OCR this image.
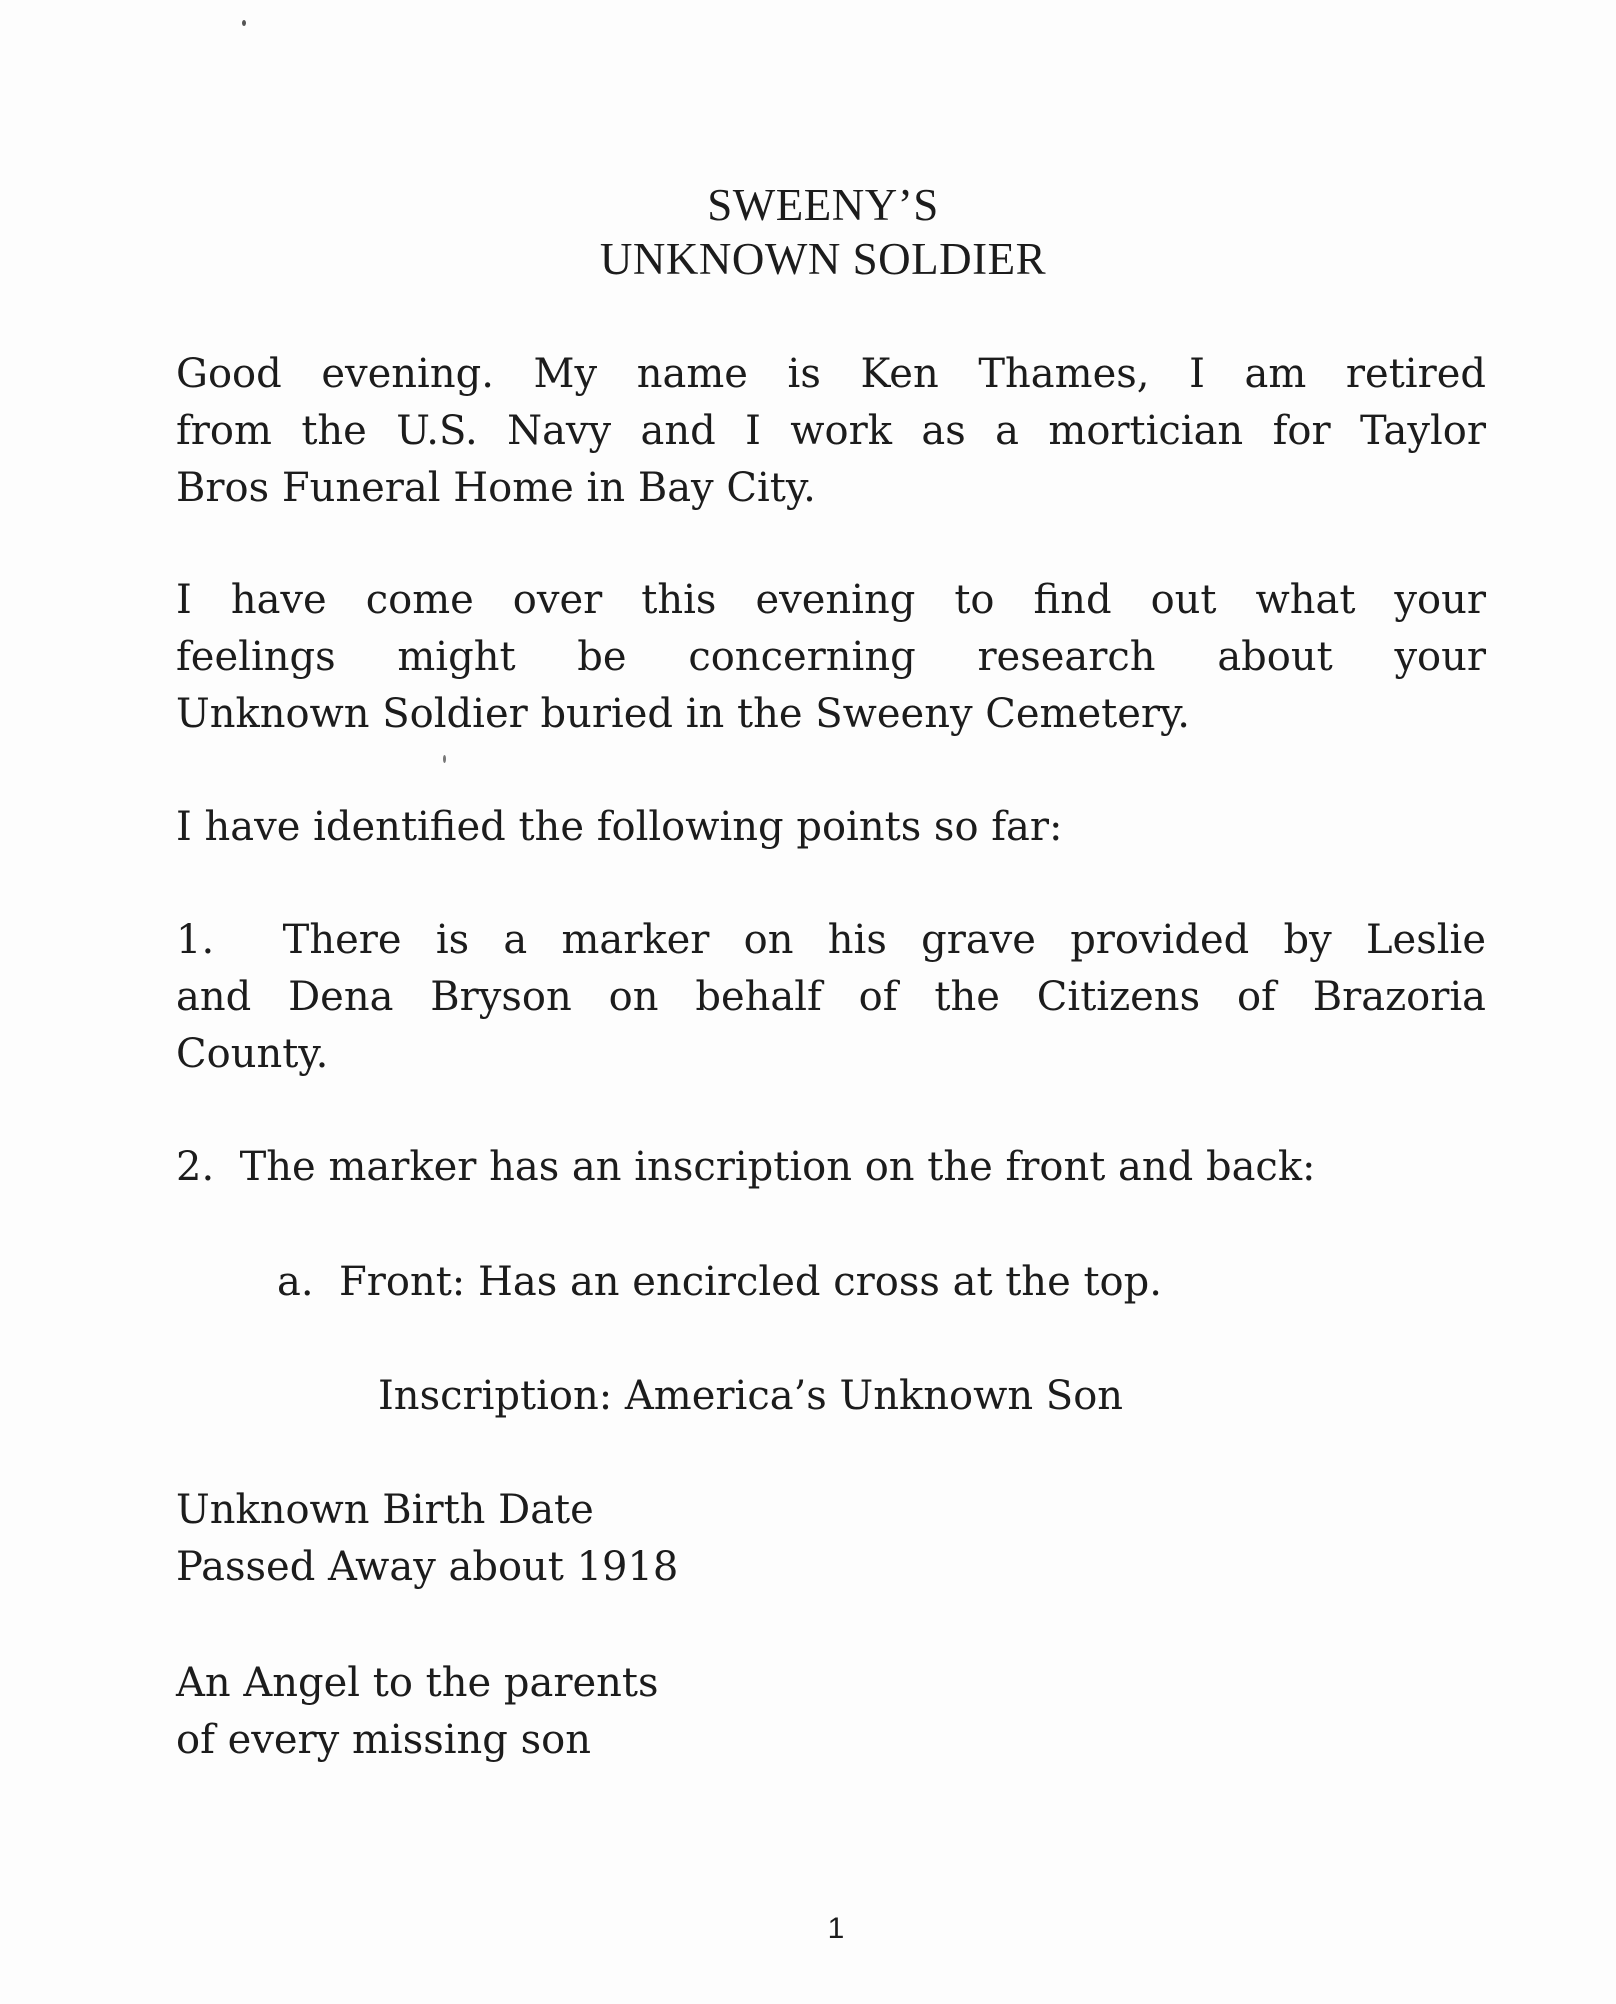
SWEENY’S
UNKNOWN SOLDIER
Good evening. My name is Ken Thames, I am retired
from the U.S. Navy and I work as a mortician for Taylor
Bros Funeral Home in Bay City.
I have come over this evening to find out what your
feelings might be concerning research about your
Unknown Soldier buried in the Sweeny Cemetery.
I have identified the following points so far:
1. There is a marker on his grave provided by Leslie
and Dena Bryson on behalf of the Citizens of Brazoria
County.
2. The marker has an inscription on the front and back:
a. Front: Has an encircled cross at the top.
Inscription: America’s Unknown Son
Unknown Birth Date
Passed Away about 1918
An Angel to the parents
of every missing son
1
